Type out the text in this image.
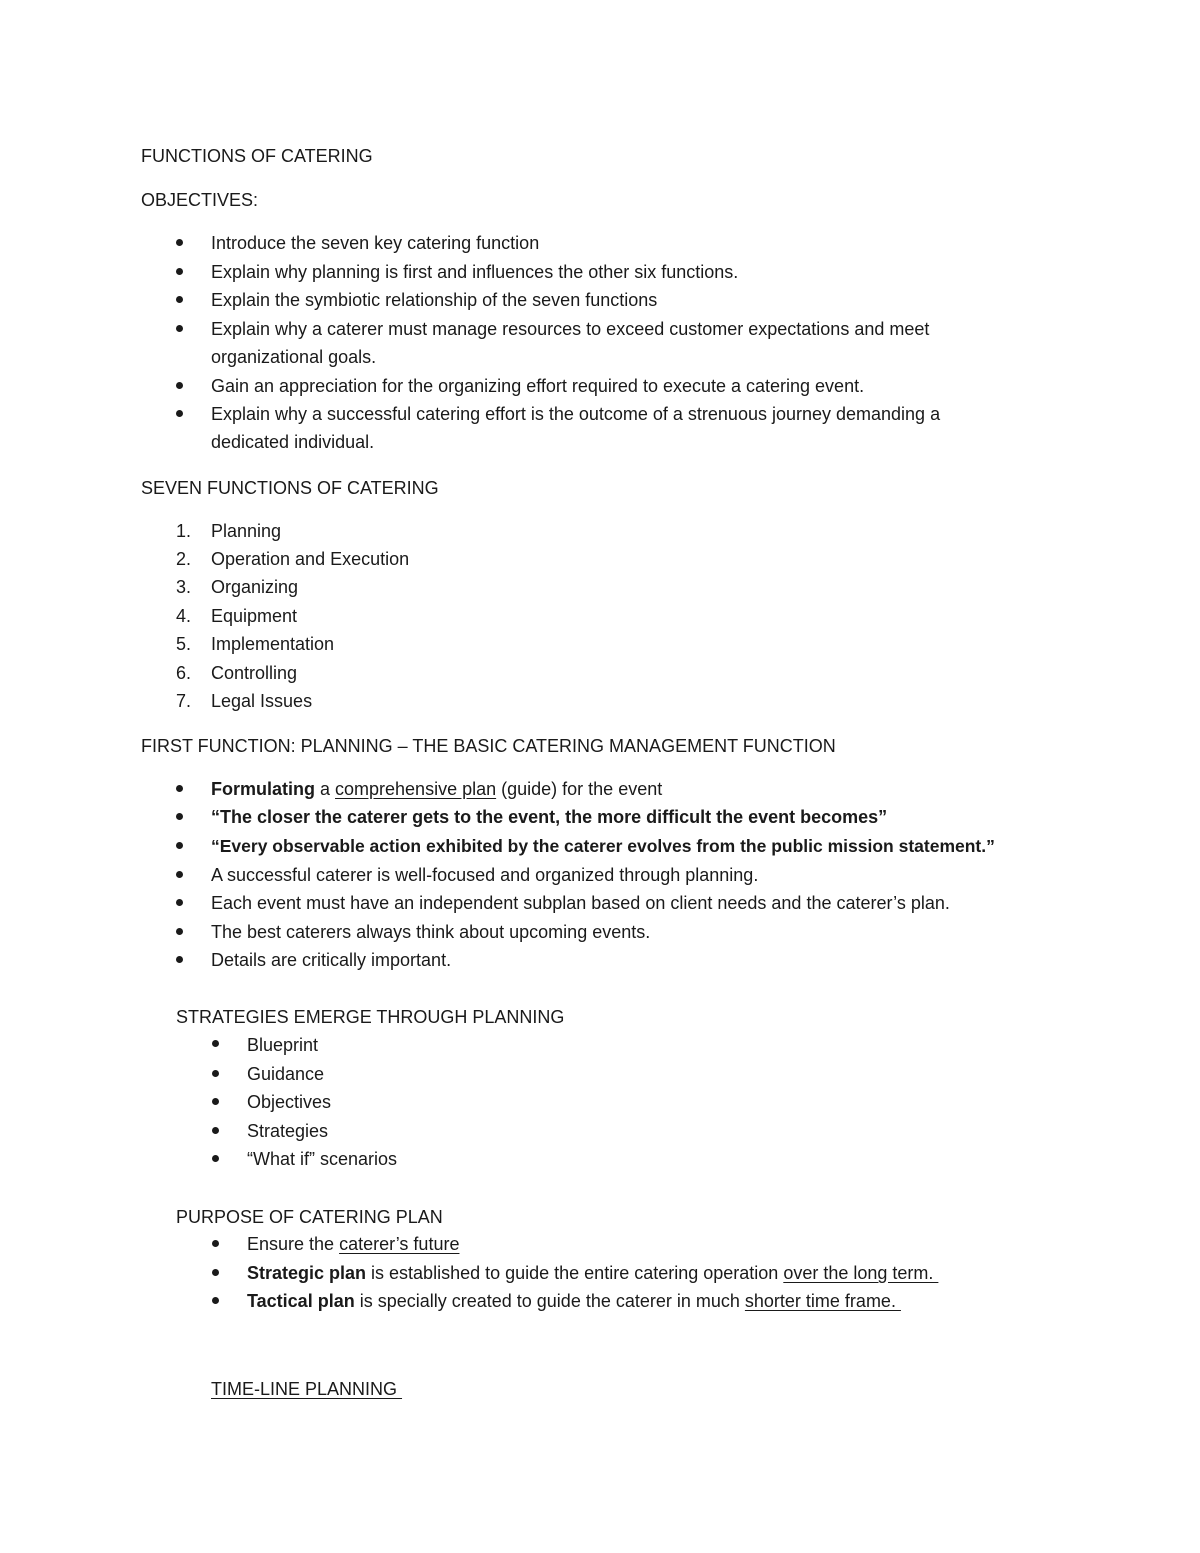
FUNCTIONS OF CATERING
OBJECTIVES:
Introduce the seven key catering function
Explain why planning is first and influences the other six functions.
Explain the symbiotic relationship of the seven functions
Explain why a caterer must manage resources to exceed customer expectations and meet
organizational goals.
Gain an appreciation for the organizing effort required to execute a catering event.
Explain why a successful catering effort is the outcome of a strenuous journey demanding a
dedicated individual.
SEVEN FUNCTIONS OF CATERING
1. Planning
2. Operation and Execution
3. Organizing
4. Equipment
5. Implementation
6. Controlling
7. Legal Issues
FIRST FUNCTION: PLANNING – THE BASIC CATERING MANAGEMENT FUNCTION
Formulating a comprehensive plan (guide) for the event
“The closer the caterer gets to the event, the more difficult the event becomes”
“Every observable action exhibited by the caterer evolves from the public mission statement.”
A successful caterer is well-focused and organized through planning.
Each event must have an independent subplan based on client needs and the caterer’s plan.
The best caterers always think about upcoming events.
Details are critically important.
STRATEGIES EMERGE THROUGH PLANNING
Blueprint
Guidance
Objectives
Strategies
“What if” scenarios
PURPOSE OF CATERING PLAN
Ensure the caterer’s future
Strategic plan is established to guide the entire catering operation over the long term.
Tactical plan is specially created to guide the caterer in much shorter time frame.
TIME-LINE PLANNING
